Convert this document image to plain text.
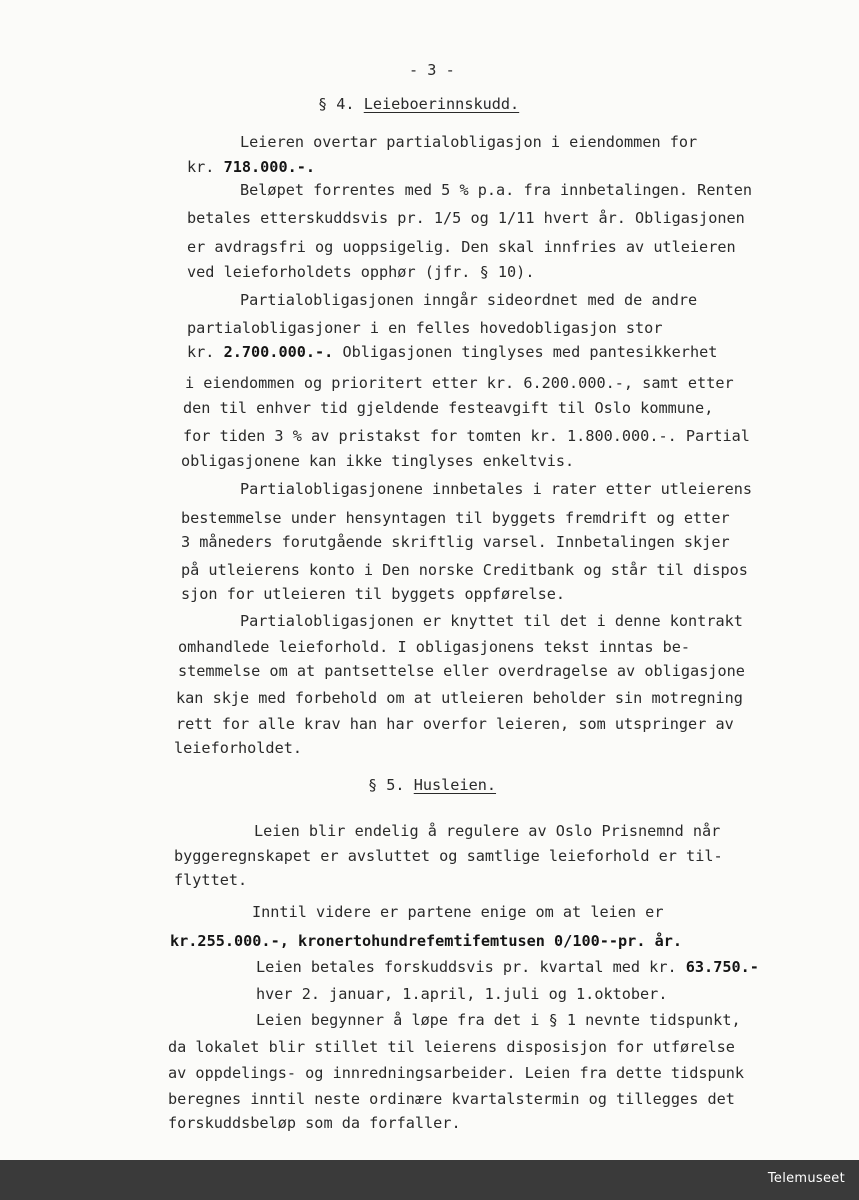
- 3 -
§ 4. Leieboerinnskudd.
Leieren overtar partialobligasjon i eiendommen for
kr. 718.000.-.
Beløpet forrentes med 5 % p.a. fra innbetalingen. Renten
betales etterskuddsvis pr. 1/5 og 1/11 hvert år. Obligasjonen
er avdragsfri og uoppsigelig. Den skal innfries av utleieren
ved leieforholdets opphør (jfr. § 10).
Partialobligasjonen inngår sideordnet med de andre
partialobligasjoner i en felles hovedobligasjon stor
kr. 2.700.000.-. Obligasjonen tinglyses med pantesikkerhet
i eiendommen og prioritert etter kr. 6.200.000.-, samt etter
den til enhver tid gjeldende festeavgift til Oslo kommune,
for tiden 3 % av pristakst for tomten kr. 1.800.000.-. Partial
obligasjonene kan ikke tinglyses enkeltvis.
Partialobligasjonene innbetales i rater etter utleierens
bestemmelse under hensyntagen til byggets fremdrift og etter
3 måneders forutgående skriftlig varsel. Innbetalingen skjer
på utleierens konto i Den norske Creditbank og står til dispos
sjon for utleieren til byggets oppførelse.
Partialobligasjonen er knyttet til det i denne kontrakt
omhandlede leieforhold. I obligasjonens tekst inntas be-
stemmelse om at pantsettelse eller overdragelse av obligasjone
kan skje med forbehold om at utleieren beholder sin motregning
rett for alle krav han har overfor leieren, som utspringer av
leieforholdet.
§ 5. Husleien.
Leien blir endelig å regulere av Oslo Prisnemnd når
byggeregnskapet er avsluttet og samtlige leieforhold er til-
flyttet.
Inntil videre er partene enige om at leien er
kr.255.000.-, kronertohundrefemtifemtusen 0/100--pr. år.
Leien betales forskuddsvis pr. kvartal med kr. 63.750.-
hver 2. januar, 1.april, 1.juli og 1.oktober.
Leien begynner å løpe fra det i § 1 nevnte tidspunkt,
da lokalet blir stillet til leierens disposisjon for utførelse
av oppdelings- og innredningsarbeider. Leien fra dette tidspunk
beregnes inntil neste ordinære kvartalstermin og tillegges det
forskuddsbeløp som da forfaller.
Telemuseet
